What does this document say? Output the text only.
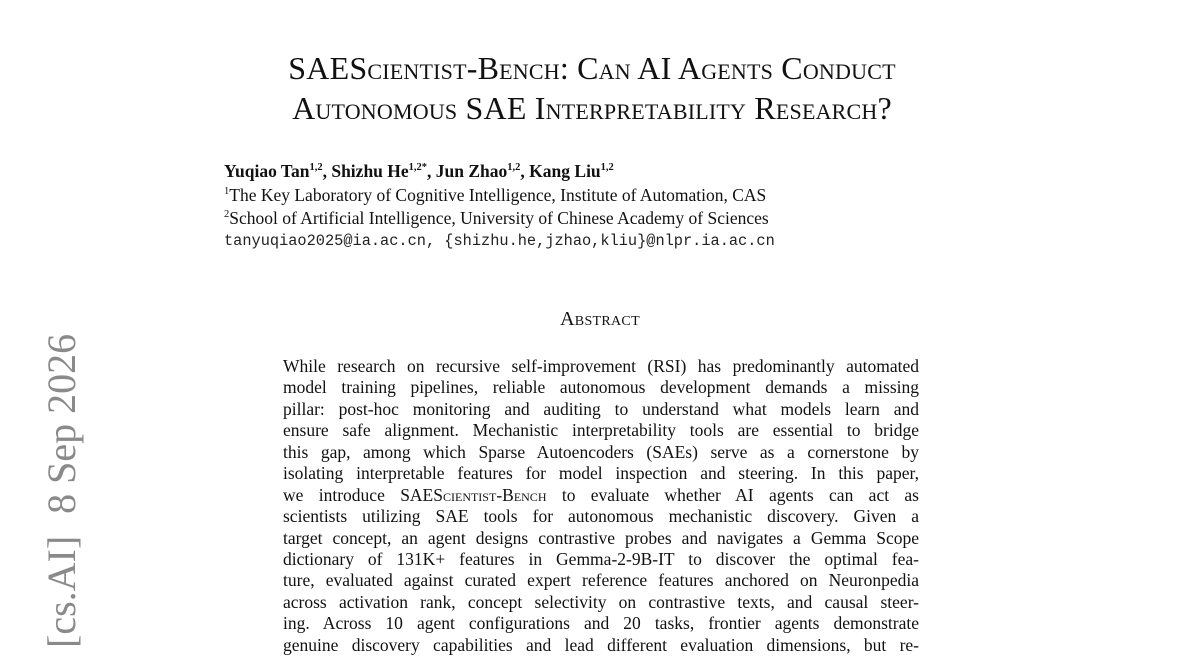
SAEScientist-Bench: Can AI Agents Conduct
Autonomous SAE Interpretability Research?
Yuqiao Tan$^{1,2}$, Shizhu $He^{1,2*}$, Jun Zhao$^{1,2}$, Kang Liu$^{1,2}$
$^1$The Key Laboratory of Cognitive Intelligence, Institute of Automation, CAS
$^2$School of Artificial Intelligence, University of Chinese Academy of Sciences
tanyuqiao2025@ia.ac.cn, {shizhu.he,jzhao,kliu}@nlpr.ia.ac.cn
Abstract
While research on recursive self-improvement (RSI) has predominantly automated
model training pipelines, reliable autonomous development demands a missing
pillar: post-hoc monitoring and auditing to understand what models learn and
ensure safe alignment. Mechanistic interpretability tools are essential to bridge
this gap, among which Sparse Autoencoders (SAEs) serve as a cornerstone by
isolating interpretable features for model inspection and steering. In this paper,
we introduce SAEScientist-Bench to evaluate whether AI agents can act as
scientists utilizing SAE tools for autonomous mechanistic discovery. Given a
target concept, an agent designs contrastive probes and navigates a Gemma Scope
dictionary of 131K+ features in Gemma-2-9B-IT to discover the optimal fea-
ture, evaluated against curated expert reference features anchored on Neuronpedia
across activation rank, concept selectivity on contrastive texts, and causal steer-
ing. Across 10 agent configurations and 20 tasks, frontier agents demonstrate
genuine discovery capabilities and lead different evaluation dimensions, but re-
[cs.AI]8 Sep 2026
